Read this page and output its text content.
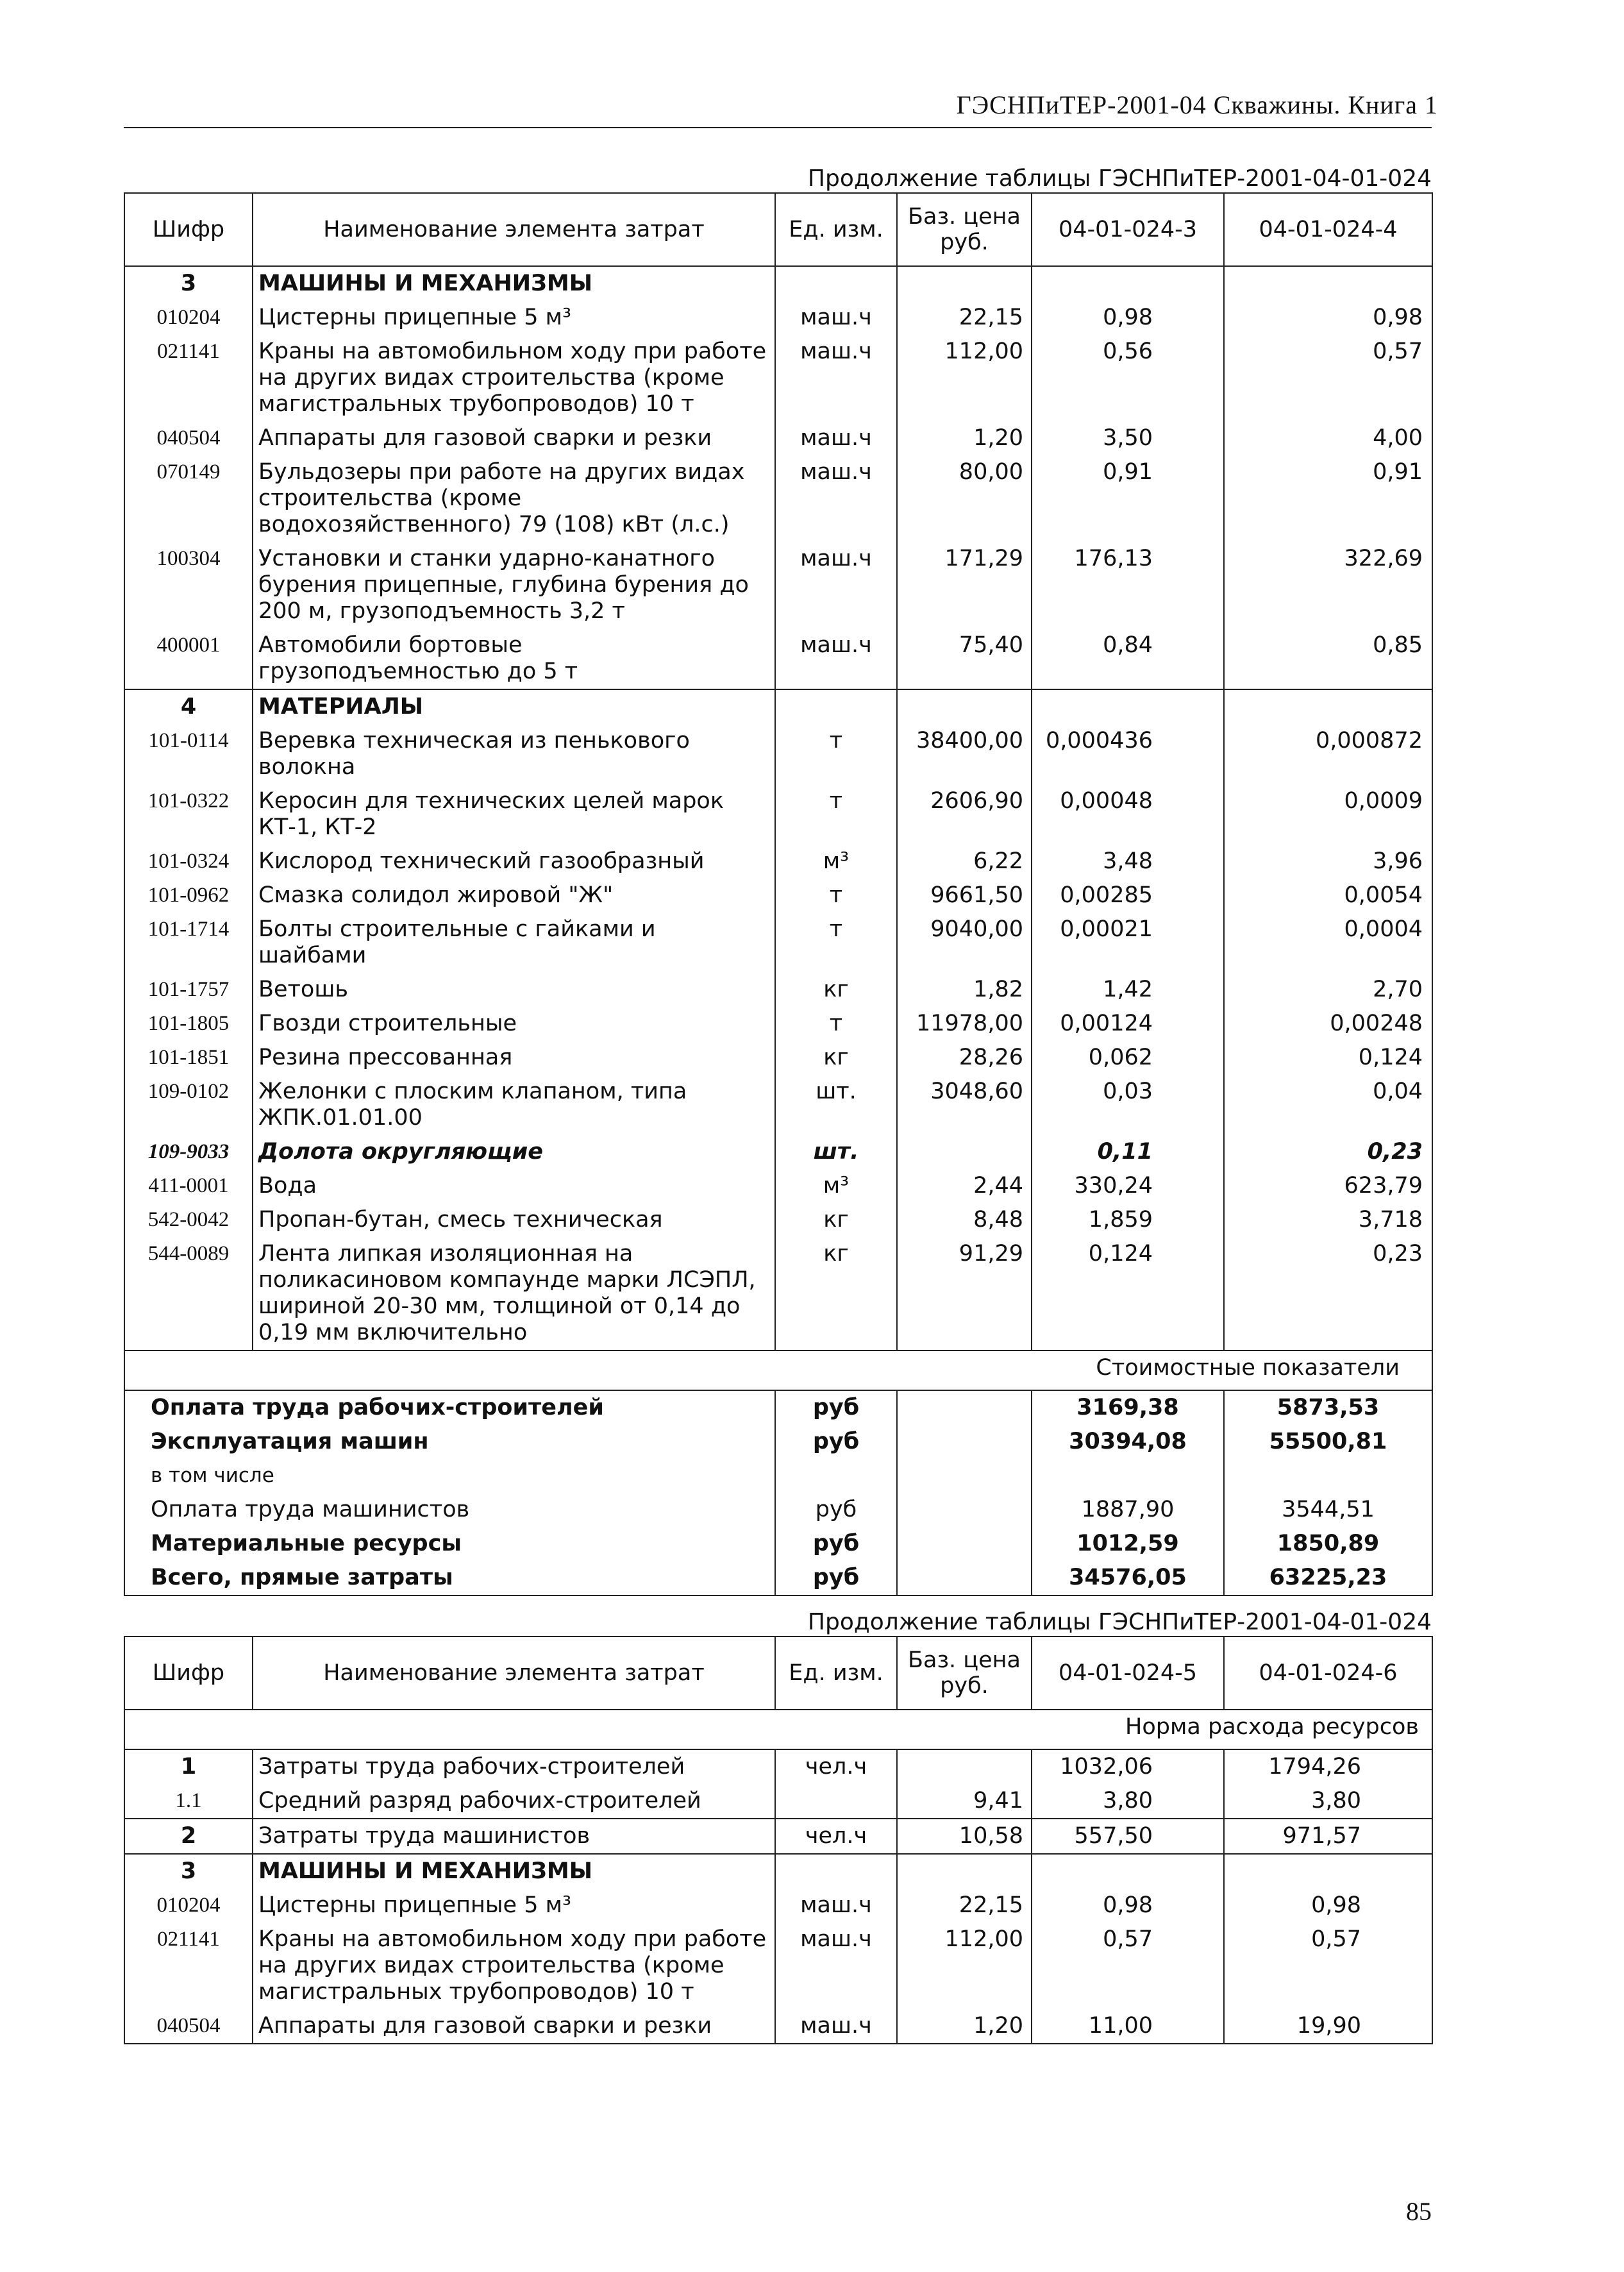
ГЭСНПиТЕР-2001-04 Скважины. Книга 1
Продолжение таблицы ГЭСНПиТЕР-2001-04-01-024
Шифр	Наименование элемента затрат	Ед. изм.	Баз. цена руб.	04-01-024-3	04-01-024-4
3	МАШИНЫ И МЕХАНИЗМЫ				
010204	Цистерны прицепные 5 м³	маш.ч	22,15	0,98	0,98
021141	Краны на автомобильном ходу при работе на других видах строительства (кроме магистральных трубопроводов) 10 т	маш.ч	112,00	0,56	0,57
040504	Аппараты для газовой сварки и резки	маш.ч	1,20	3,50	4,00
070149	Бульдозеры при работе на других видах строительства (кроме водохозяйственного) 79 (108) кВт (л.с.)	маш.ч	80,00	0,91	0,91
100304	Установки и станки ударно-канатного бурения прицепные, глубина бурения до 200 м, грузоподъемность 3,2 т	маш.ч	171,29	176,13	322,69
400001	Автомобили бортовые грузоподъемностью до 5 т	маш.ч	75,40	0,84	0,85
4	МАТЕРИАЛЫ				
101-0114	Веревка техническая из пенькового волокна	т	38400,00	0,000436	0,000872
101-0322	Керосин для технических целей марок КТ-1, КТ-2	т	2606,90	0,00048	0,0009
101-0324	Кислород технический газообразный	м³	6,22	3,48	3,96
101-0962	Смазка солидол жировой "Ж"	т	9661,50	0,00285	0,0054
101-1714	Болты строительные с гайками и шайбами	т	9040,00	0,00021	0,0004
101-1757	Ветошь	кг	1,82	1,42	2,70
101-1805	Гвозди строительные	т	11978,00	0,00124	0,00248
101-1851	Резина прессованная	кг	28,26	0,062	0,124
109-0102	Желонки с плоским клапаном, типа ЖПК.01.01.00	шт.	3048,60	0,03	0,04
109-9033	Долота округляющие	шт.		0,11	0,23
411-0001	Вода	м³	2,44	330,24	623,79
542-0042	Пропан-бутан, смесь техническая	кг	8,48	1,859	3,718
544-0089	Лента липкая изоляционная на поликасиновом компаунде марки ЛСЭПЛ, шириной 20-30 мм, толщиной от 0,14 до 0,19 мм включительно	кг	91,29	0,124	0,23
Стоимостные показатели					
Оплата труда рабочих-строителей		руб		3169,38	5873,53
Эксплуатация машин		руб		30394,08	55500,81
в том числе					
Оплата труда машинистов		руб		1887,90	3544,51
Материальные ресурсы		руб		1012,59	1850,89
Всего, прямые затраты		руб		34576,05	63225,23
Продолжение таблицы ГЭСНПиТЕР-2001-04-01-024
Шифр	Наименование элемента затрат	Ед. изм.	Баз. цена руб.	04-01-024-5	04-01-024-6
Норма расхода ресурсов					
1	Затраты труда рабочих-строителей	чел.ч		1032,06	1794,26
1.1	Средний разряд рабочих-строителей		9,41	3,80	3,80
2	Затраты труда машинистов	чел.ч	10,58	557,50	971,57
3	МАШИНЫ И МЕХАНИЗМЫ				
010204	Цистерны прицепные 5 м³	маш.ч	22,15	0,98	0,98
021141	Краны на автомобильном ходу при работе на других видах строительства (кроме магистральных трубопроводов) 10 т	маш.ч	112,00	0,57	0,57
040504	Аппараты для газовой сварки и резки	маш.ч	1,20	11,00	19,90
85
